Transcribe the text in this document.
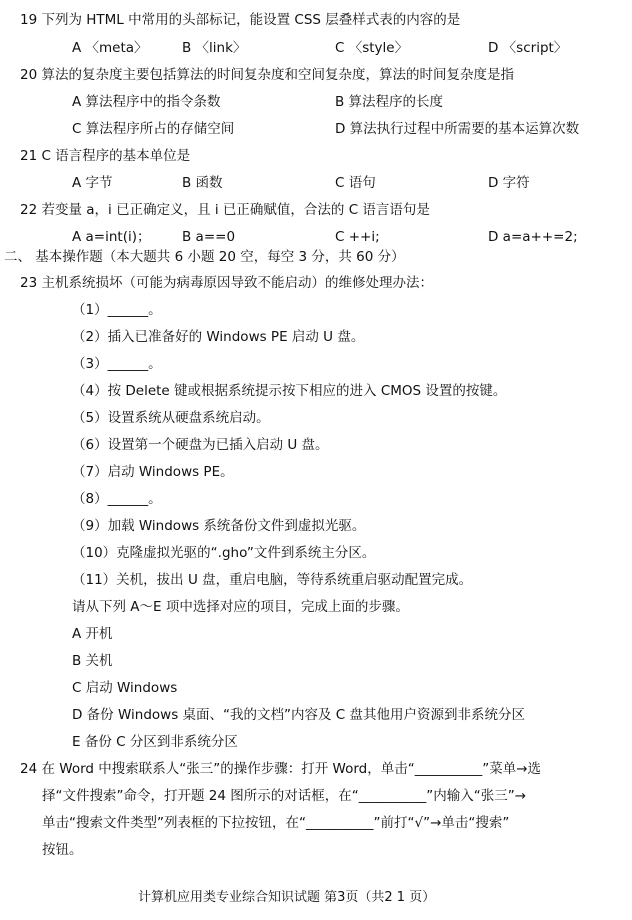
19 下列为 HTML 中常用的头部标记，能设置 CSS 层叠样式表的内容的是
A 〈meta〉	B 〈link〉	C 〈style〉	D 〈script〉
20 算法的复杂度主要包括算法的时间复杂度和空间复杂度，算法的时间复杂度是指
A 算法程序中的指令条数	B 算法程序的长度
C 算法程序所占的存储空间	D 算法执行过程中所需要的基本运算次数
21 C 语言程序的基本单位是
A 字节	B 函数	C 语句	D 字符
22 若变量 a，i 已正确定义，且 i 已正确赋值，合法的 C 语言语句是
A a=int(i)； B a==0	C ++i;	D a=a++=2;
二、 基本操作题（本大题共 6 小题 20 空，每空 3 分，共 60 分）
23 主机系统损坏（可能为病毒原因导致不能启动）的维修处理办法：
（1）______。
（2）插入已准备好的 Windows PE 启动 U 盘。
（3）______。
（4）按 Delete 键或根据系统提示按下相应的进入 CMOS 设置的按键。
（5）设置系统从硬盘系统启动。
（6）设置第一个硬盘为已插入启动 U 盘。
（7）启动 Windows PE。
（8）______。
（9）加载 Windows 系统备份文件到虚拟光驱。
（10）克隆虚拟光驱的“.gho”文件到系统主分区。
（11）关机，拔出 U 盘，重启电脑，等待系统重启驱动配置完成。
请从下列 A～E 项中选择对应的项目，完成上面的步骤。
A 开机
B 关机
C 启动 Windows
D 备份 Windows 桌面、“我的文档”内容及 C 盘其他用户资源到非系统分区
E 备份 C 分区到非系统分区
24 在 Word 中搜索联系人“张三”的操作步骤：打开 Word，单击“__________”菜单→选
择“文件搜索”命令，打开题 24 图所示的对话框，在“__________”内输入“张三”→
单击“搜索文件类型”列表框的下拉按钮，在“__________”前打“√”→单击“搜索”
按钮。
计算机应用类专业综合知识试题 第3页（共2 1 页）
